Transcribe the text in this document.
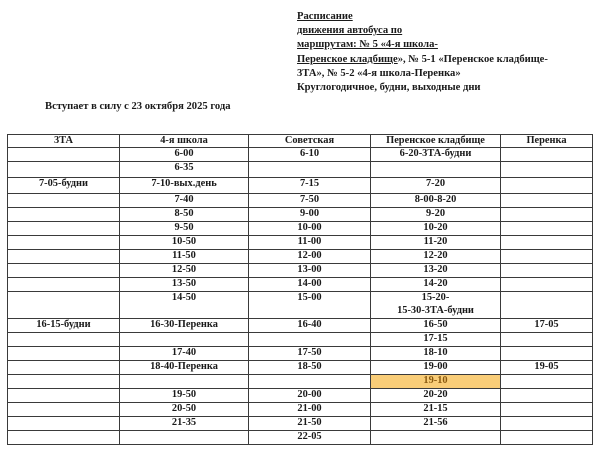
Расписание
движения автобуса по
маршрутам: № 5 «4-я школа-
Перенское кладбище», № 5-1 «Перенское кладбище-
3ТА», № 5-2 «4-я школа-Перенка»
Круглогодичное, будни, выходные дни
Вступает в силу с 23 октября 2025 года
3ТА	4-я школа	Советская	Перенское кладбище	Перенка
	6-00	6-10	6-20-3ТА-будни	
	6-35			
7-05-будни	7-10-вых.день	7-15	7-20	
	7-40	7-50	8-00-8-20	
	8-50	9-00	9-20	
	9-50	10-00	10-20	
	10-50	11-00	11-20	
	11-50	12-00	12-20	
	12-50	13-00	13-20	
	13-50	14-00	14-20	
	14-50	15-00	15-20-
15-30-3ТА-будни	
16-15-будни	16-30-Перенка	16-40	16-50	17-05
			17-15	
	17-40	17-50	18-10	
	18-40-Перенка	18-50	19-00	19-05
			19-10	
	19-50	20-00	20-20	
	20-50	21-00	21-15	
	21-35	21-50	21-56	
		22-05		
